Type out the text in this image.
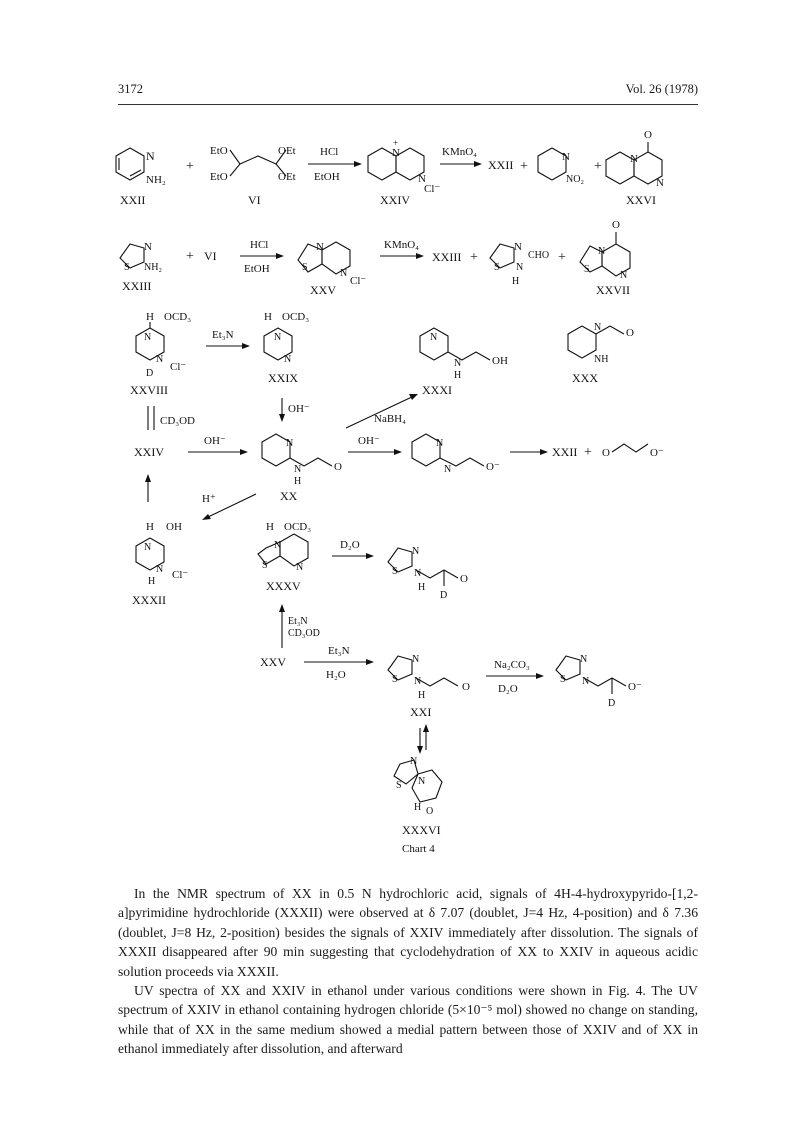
3172	Vol. 26 (1978)
N
NH₂
XXII
+
EtO
EtO
OEt
OEt
VI
HCl
EtOH
N
+
N
Cl⁻
XXIV
KMnO₄
XXII +
N
NO₂
+
O
N
N
XXVI
N
S NH₂
XXIII
+ VI
HCl
EtOH
N
S
N
Cl⁻
XXV
KMnO₄
XXIII +
N
S N
H
CHO +
O
N
S
N
XXVII
H OCD₃
N
N
D
Cl⁻
XXVIII
Et₃N
H OCD₃
N
N
XXIX
N
N
H
OH
XXXI
N O
NH
XXX
CD₃OD
OH⁻
NaBH₄
XXIV
OH⁻	N
N
H
O
XX
OH⁻	N
N	O⁻
XXII + O	O⁻
H⁺
H OH
N
N
H
Cl⁻
XXXII
H OCD₃
N
S	N
XXXV
D₂O
N
S N
H
D
O
Et₃N
CD₃OD
XXV
Et₃N
H₂O
N
S N
H
O
XXI
Na₂CO₃
D₂O
N
S N
D
O⁻
N
S N
H O
XXXVI
Chart 4

In the NMR spectrum of XX in 0.5 N hydrochloric acid, signals of 4H-4-hydroxypyrido-[1,2-a]pyrimidine hydrochloride (XXXII) were observed at δ 7.07 (doublet, J=4 Hz, 4-position) and δ 7.36 (doublet, J=8 Hz, 2-position) besides the signals of XXIV immediately after dissolution. The signals of XXXII disappeared after 90 min suggesting that cyclodehydration of XX to XXIV in aqueous acidic solution proceeds via XXXII.

UV spectra of XX and XXIV in ethanol under various conditions were shown in Fig. 4. The UV spectrum of XXIV in ethanol containing hydrogen chloride (5×10⁻⁵ mol) showed no change on standing, while that of XX in the same medium showed a medial pattern between those of XXIV and of XX in ethanol immediately after dissolution, and afterward
